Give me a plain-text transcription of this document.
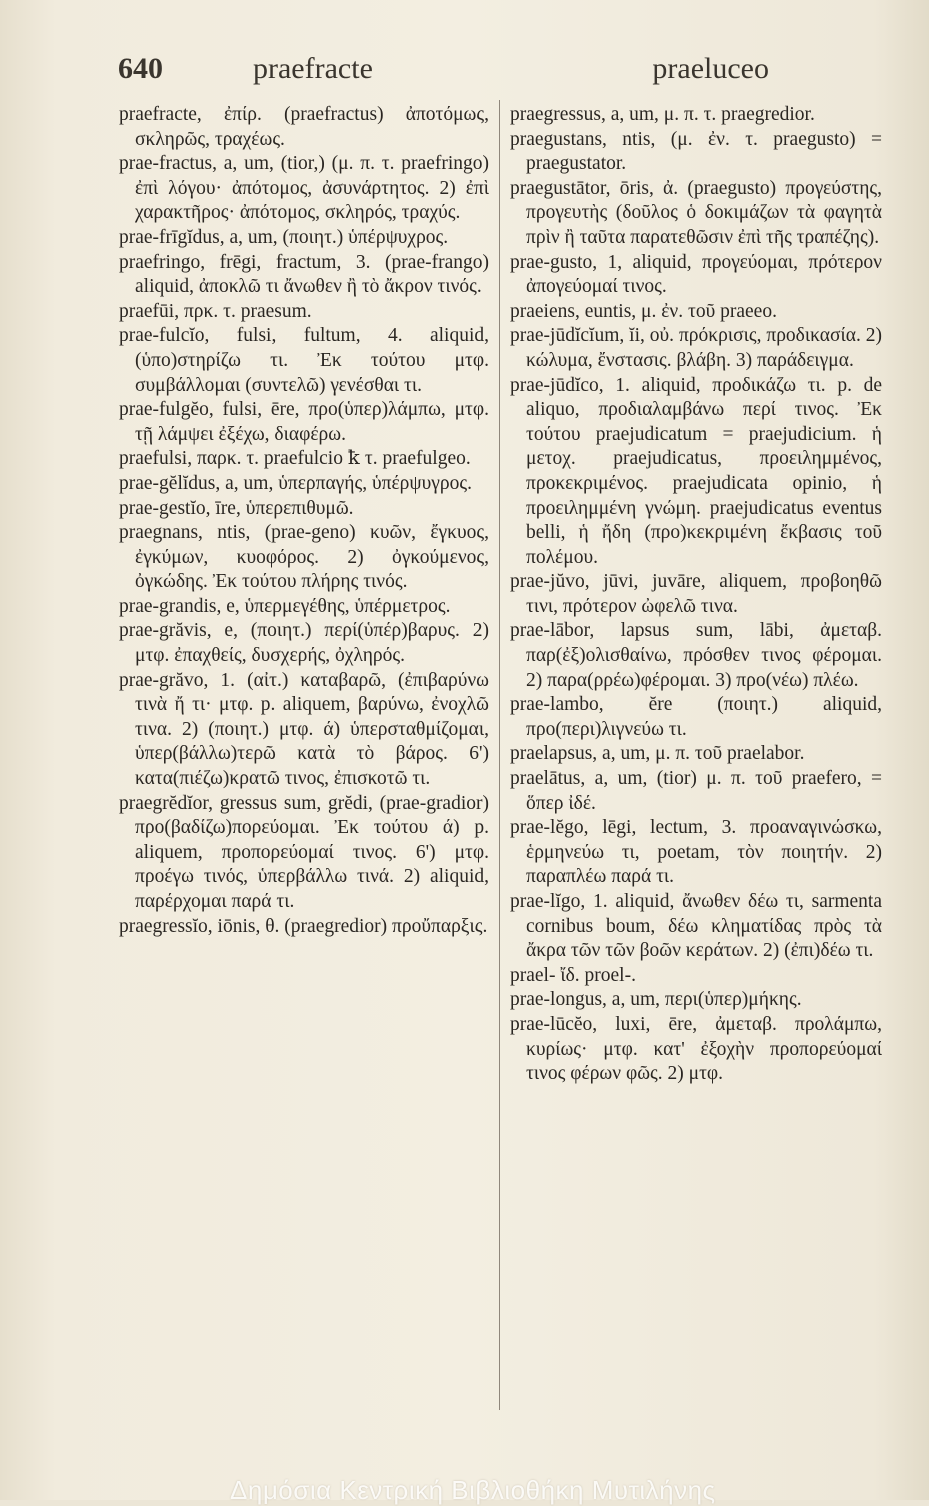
640	praefracte	praeluceo

praefracte, ἐπίρ. (praefractus) ἀποτόμως, σκληρῶς, τραχέως.

prae-fractus, a, um, (tior,) (μ. π. τ. praefringo) ἐπὶ λόγου· ἀπότομος, ἀσυνάρτητος. 2) ἐπὶ χαρακτῆρος· ἀπότομος, σκληρός, τραχύς.

prae-frīgĭdus, a, um, (ποιητ.) ὑπέρψυχρος.

praefringo, frēgi, fractum, 3. (prae-frango) aliquid, ἀποκλῶ τι ἄνωθεν ἢ τὸ ἄκρον τινός.

praefūi, πρκ. τ. praesum.

prae-fulcĭo, fulsi, fultum, 4. aliquid, (ὑπο)στηρίζω τι. Ἐκ τούτου μτφ. συμβάλλομαι (συντελῶ) γενέσθαι τι.

prae-fulgĕo, fulsi, ēre, προ(ὑπερ)λάμπω, μτφ. τῇ λάμψει ἐξέχω, διαφέρω.

praefulsi, παρκ. τ. praefulcio ꝁ τ. praefulgeo.

prae-gĕlĭdus, a, um, ὑπερπαγής, ὑπέρψυγρος.

prae-gestĭo, īre, ὑπερεπιθυμῶ.

praegnans, ntis, (prae-geno) κυῶν, ἔγκυος, ἐγκύμων, κυοφόρος. 2) ὀγκούμενος, ὀγκώδης. Ἐκ τούτου πλήρης τινός.

prae-grandis, e, ὑπερμεγέθης, ὑπέρμετρος.

prae-grăvis, e, (ποιητ.) περί(ὑπέρ)βαρυς. 2) μτφ. ἐπαχθείς, δυσχερής, ὀχληρός.

prae-grăvo, 1. (αἰτ.) καταβαρῶ, (ἐπιβαρύνω τινὰ ἤ τι· μτφ. p. aliquem, βαρύνω, ἐνοχλῶ τινα. 2) (ποιητ.) μτφ. ά) ὑπερσταθμίζομαι, ὑπερ(βάλλω)τερῶ κατὰ τὸ βάρος. 6') κατα(πιέζω)κρατῶ τινος, ἐπισκοτῶ τι.

praegrĕdĭor, gressus sum, grĕdi, (prae-gradior) προ(βαδίζω)πορεύομαι. Ἐκ τούτου ά) p. aliquem, προπορεύομαί τινος. 6') μτφ. προέγω τινός, ὑπερβάλλω τινά. 2) aliquid, παρέρχομαι παρά τι.

praegressĭo, iōnis, θ. (praegredior) προὔπαρξις.

praegressus, a, um, μ. π. τ. praegredior.

praegustans, ntis, (μ. ἐν. τ. praegusto) = praegustator.

praegustātor, ōris, ἀ. (praegusto) προγεύστης, προγευτὴς (δοῦλος ὁ δοκιμάζων τὰ φαγητὰ πρὶν ἢ ταῦτα παρατεθῶσιν ἐπὶ τῆς τραπέζης).

prae-gusto, 1, aliquid, προγεύομαι, πρότερον ἀπογεύομαί τινος.

praeiens, euntis, μ. ἐν. τοῦ praeeo.

prae-jūdĭcĭum, ĭi, οὐ. πρόκρισις, προδικασία. 2) κώλυμα, ἔνστασις. βλάβη. 3) παράδειγμα.

prae-jūdĭco, 1. aliquid, προδικάζω τι. p. de aliquo, προδιαλαμβάνω περί τινος. Ἐκ τούτου praejudicatum = praejudicium. ἡ μετοχ. praejudicatus, προειλημμένος, προκεκριμένος. praejudicata opinio, ἡ προειλημμένη γνώμη. praejudicatus eventus belli, ἡ ἤδη (προ)κεκριμένη ἔκβασις τοῦ πολέμου.

prae-jŭvo, jūvi, juvāre, aliquem, προβοηθῶ τινι, πρότερον ὠφελῶ τινα.

prae-lābor, lapsus sum, lābi, ἀμεταβ. παρ(ἐξ)ολισθαίνω, πρόσθεν τινος φέρομαι. 2) παρα(ρρέω)φέρομαι. 3) προ(νέω) πλέω.

prae-lambo, ĕre (ποιητ.) aliquid, προ(περι)λιγνεύω τι.

praelapsus, a, um, μ. π. τοῦ praelabor.

praelātus, a, um, (tior) μ. π. τοῦ praefero, = ὅπερ ἰδέ.

prae-lĕgo, lēgi, lectum, 3. προαναγινώσκω, ἑρμηνεύω τι, poetam, τὸν ποιητήν. 2) παραπλέω παρά τι.

prae-lĭgo, 1. aliquid, ἄνωθεν δέω τι, sarmenta cornibus boum, δέω κληματίδας πρὸς τὰ ἄκρα τῶν τῶν βοῶν κεράτων. 2) (ἐπι)δέω τι.

prael- ἴδ. proel-.

prae-longus, a, um, περι(ὑπερ)μήκης.

prae-lūcĕo, luxi, ēre, ἀμεταβ. προλάμπω, κυρίως· μτφ. κατ' ἐξοχὴν προπορεύομαί τινος φέρων φῶς. 2) μτφ.

Δημόσια Κεντρική Βιβλιοθήκη Μυτιλήνης
